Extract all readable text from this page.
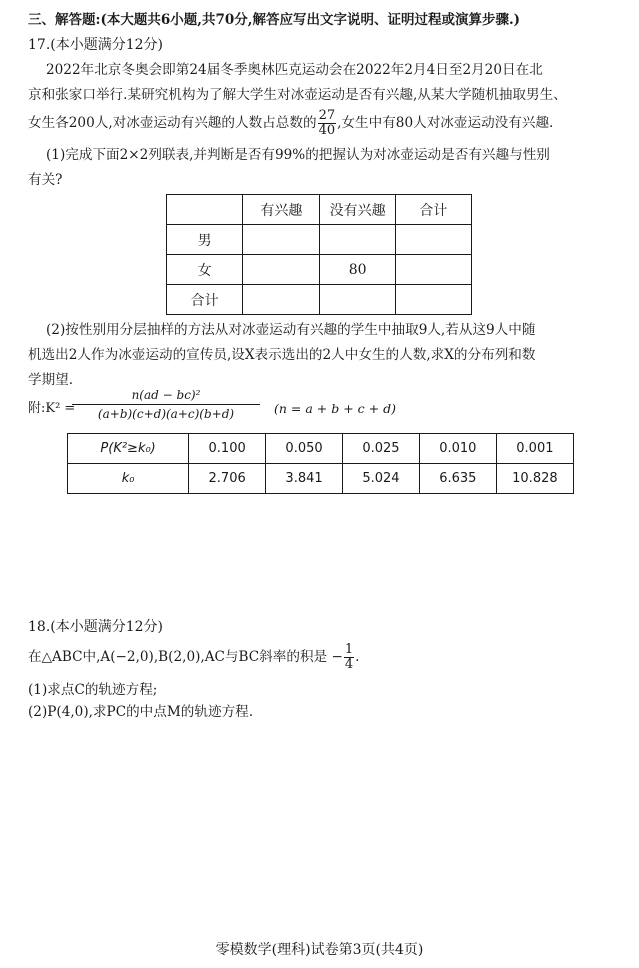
三、解答题:(本大题共6小题,共70分,解答应写出文字说明、证明过程或演算步骤.)
17.(本小题满分12分)
2022年北京冬奥会即第24届冬季奥林匹克运动会在2022年2月4日至2月20日在北
京和张家口举行.某研究机构为了解大学生对冰壶运动是否有兴趣,从某大学随机抽取男生、
女生各200人,对冰壶运动有兴趣的人数占总数的 $\frac{27}{40}$ ,女生中有80人对冰壶运动没有兴趣.
(1)完成下面2×2列联表,并判断是否有99%的把握认为对冰壶运动是否有兴趣与性别
有关?
	有兴趣	没有兴趣	合计
男			
女		80	
合计			
(2)按性别用分层抽样的方法从对冰壶运动有兴趣的学生中抽取9人,若从这9人中随
机选出2人作为冰壶运动的宣传员,设X表示选出的2人中女生的人数,求X的分布列和数
学期望.
附:K² =
$\frac{\text{n(ad − bc)²}}{(a+b)(c+d)(a+c)(b+d)} (n = a + b + c + d)$
P(K²≥k₀)	0.100	0.050	0.025	0.010	0.001
k₀	2.706	3.841	5.024	6.635	10.828
18.(本小题满分12分)
在△ABC中,A(−2,0),B(2,0),AC与BC斜率的积是 − $\frac{1}{4}$ .
(1)求点C的轨迹方程;
(2)P(4,0),求PC的中点M的轨迹方程.
零模数学(理科)试卷第3页(共4页)
